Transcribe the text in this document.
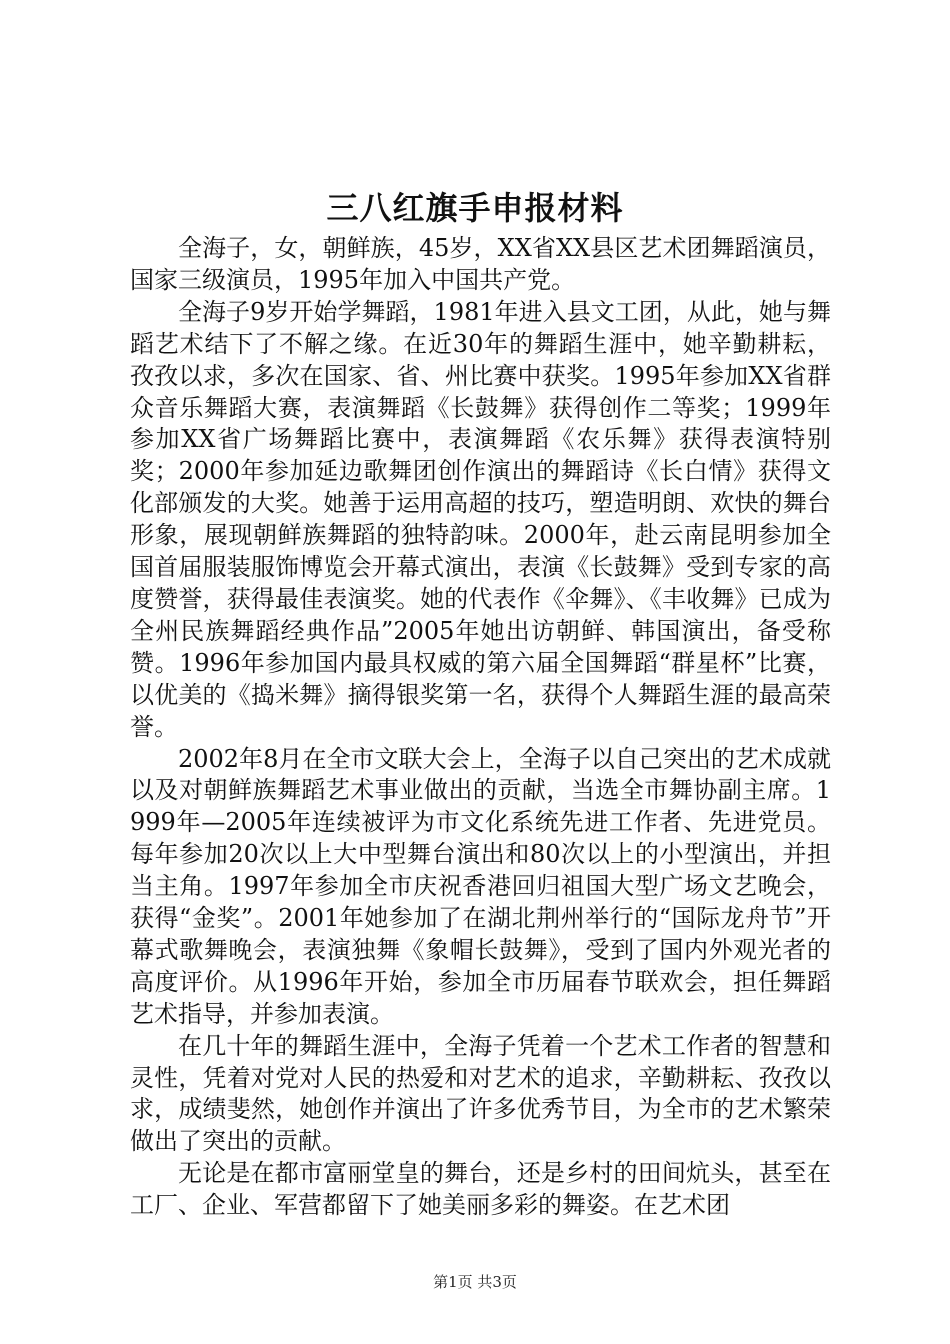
三八红旗手申报材料

全海子，女，朝鲜族，45岁，XX省XX县区艺术团舞蹈演员，国家三级演员，1995年加入中国共产党。

全海子9岁开始学舞蹈，1981年进入县文工团，从此，她与舞蹈艺术结下了不解之缘。在近30年的舞蹈生涯中，她辛勤耕耘，孜孜以求，多次在国家、省、州比赛中获奖。1995年参加XX省群众音乐舞蹈大赛，表演舞蹈《长鼓舞》获得创作二等奖；1999年参加XX省广场舞蹈比赛中，表演舞蹈《农乐舞》获得表演特别奖；2000年参加延边歌舞团创作演出的舞蹈诗《长白情》获得文化部颁发的大奖。她善于运用高超的技巧，塑造明朗、欢快的舞台形象，展现朝鲜族舞蹈的独特韵味。2000年，赴云南昆明参加全国首届服装服饰博览会开幕式演出，表演《长鼓舞》受到专家的高度赞誉，获得最佳表演奖。她的代表作《伞舞》、《丰收舞》已成为全州民族舞蹈经典作品”2005年她出访朝鲜、韩国演出，备受称赞。1996年参加国内最具权威的第六届全国舞蹈“群星杯”比赛，以优美的《捣米舞》摘得银奖第一名，获得个人舞蹈生涯的最高荣誉。

2002年8月在全市文联大会上，全海子以自己突出的艺术成就以及对朝鲜族舞蹈艺术事业做出的贡献，当选全市舞协副主席。1999年—2005年连续被评为市文化系统先进工作者、先进党员。每年参加20次以上大中型舞台演出和80次以上的小型演出，并担当主角。1997年参加全市庆祝香港回归祖国大型广场文艺晚会，获得“金奖”。2001年她参加了在湖北荆州举行的“国际龙舟节”开幕式歌舞晚会，表演独舞《象帽长鼓舞》，受到了国内外观光者的高度评价。从1996年开始，参加全市历届春节联欢会，担任舞蹈艺术指导，并参加表演。

在几十年的舞蹈生涯中，全海子凭着一个艺术工作者的智慧和灵性，凭着对党对人民的热爱和对艺术的追求，辛勤耕耘、孜孜以求，成绩斐然，她创作并演出了许多优秀节目，为全市的艺术繁荣做出了突出的贡献。

无论是在都市富丽堂皇的舞台，还是乡村的田间炕头，甚至在工厂、企业、军营都留下了她美丽多彩的舞姿。在艺术团

第1页 共3页
